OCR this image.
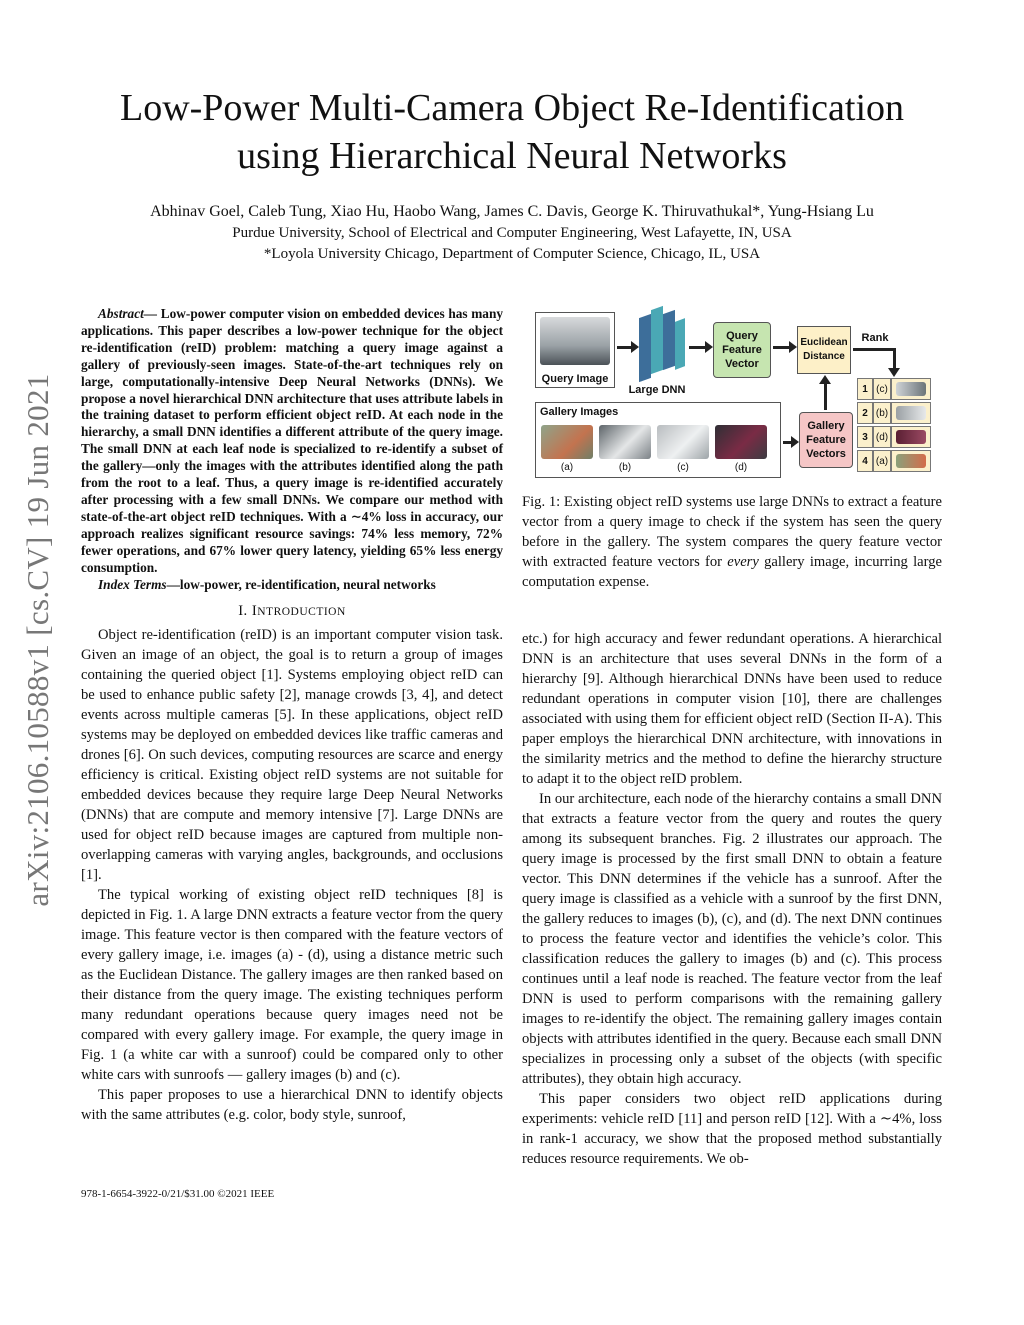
Low-Power Multi-Camera Object Re-Identification
using Hierarchical Neural Networks
Abhinav Goel, Caleb Tung, Xiao Hu, Haobo Wang, James C. Davis, George K. Thiruvathukal*, Yung-Hsiang Lu
Purdue University, School of Electrical and Computer Engineering, West Lafayette, IN, USA
*Loyola University Chicago, Department of Computer Science, Chicago, IL, USA
arXiv:2106.10588v1 [cs.CV] 19 Jun 2021

Abstract— Low-power computer vision on embedded devices has many applications. This paper describes a low-power technique for the object re-identification (reID) problem: matching a query image against a gallery of previously-seen images. State-of-the-art techniques rely on large, computationally-intensive Deep Neural Networks (DNNs). We propose a novel hierarchical DNN architecture that uses attribute labels in the training dataset to perform efficient object reID. At each node in the hierarchy, a small DNN identifies a different attribute of the query image. The small DNN at each leaf node is specialized to re-identify a subset of the gallery—only the images with the attributes identified along the path from the root to a leaf. Thus, a query image is re-identified accurately after processing with a few small DNNs. We compare our method with state-of-the-art object reID techniques. With a ∼4% loss in accuracy, our approach realizes significant resource savings: 74% less memory, 72% fewer operations, and 67% lower query latency, yielding 65% less energy consumption.

Index Terms—low-power, re-identification, neural networks

I. INTRODUCTION

Object re-identification (reID) is an important computer vision task. Given an image of an object, the goal is to return a group of images containing the queried object [1]. Systems employing object reID can be used to enhance public safety [2], manage crowds [3, 4], and detect events across multiple cameras [5]. In these applications, object reID systems may be deployed on embedded devices like traffic cameras and drones [6]. On such devices, computing resources are scarce and energy efficiency is critical. Existing object reID systems are not suitable for embedded devices because they require large Deep Neural Networks (DNNs) that are compute and memory intensive [7]. Large DNNs are used for object reID because images are captured from multiple non-overlapping cameras with varying angles, backgrounds, and occlusions [1].

The typical working of existing object reID techniques [8] is depicted in Fig. 1. A large DNN extracts a feature vector from the query image. This feature vector is then compared with the feature vectors of every gallery image, i.e. images (a) - (d), using a distance metric such as the Euclidean Distance. The gallery images are then ranked based on their distance from the query image. The existing techniques perform many redundant operations because query images need not be compared with every gallery image. For example, the query image in Fig. 1 (a white car with a sunroof) could be compared only to other white cars with sunroofs — gallery images (b) and (c).

This paper proposes to use a hierarchical DNN to identify objects with the same attributes (e.g. color, body style, sunroof,

978-1-6654-3922-0/21/$31.00 ©2021 IEEE
Query Image
Large DNN
Query Feature Vector
Euclidean Distance
Rank
1 (c)
2 (b)
3 (d)
4 (a)
Gallery Images
(a)	(b)	(c)	(d)
Gallery Feature Vectors
Fig. 1: Existing object reID systems use large DNNs to extract a feature vector from a query image to check if the system has seen the query before in the gallery. The system compares the query feature vector with extracted feature vectors for every gallery image, incurring large computation expense.

etc.) for high accuracy and fewer redundant operations. A hierarchical DNN is an architecture that uses several DNNs in the form of a hierarchy [9]. Although hierarchical DNNs have been used to reduce redundant operations in computer vision [10], there are challenges associated with using them for efficient object reID (Section II-A). This paper employs the hierarchical DNN architecture, with innovations in the similarity metrics and the method to define the hierarchy structure to adapt it to the object reID problem.

In our architecture, each node of the hierarchy contains a small DNN that extracts a feature vector from the query and routes the query among its subsequent branches. Fig. 2 illustrates our approach. The query image is processed by the first small DNN to obtain a feature vector. This DNN determines if the vehicle has a sunroof. After the query image is classified as a vehicle with a sunroof by the first DNN, the gallery reduces to images (b), (c), and (d). The next DNN continues to process the feature vector and identifies the vehicle’s color. This classification reduces the gallery to images (b) and (c). This process continues until a leaf node is reached. The feature vector from the leaf DNN is used to perform comparisons with the remaining gallery images to re-identify the object. The remaining gallery images contain objects with attributes identified in the query. Because each small DNN specializes in processing only a subset of the objects (with specific attributes), they obtain high accuracy.

This paper considers two object reID applications during experiments: vehicle reID [11] and person reID [12]. With a ∼4%, loss in rank-1 accuracy, we show that the proposed method substantially reduces resource requirements. We ob-
